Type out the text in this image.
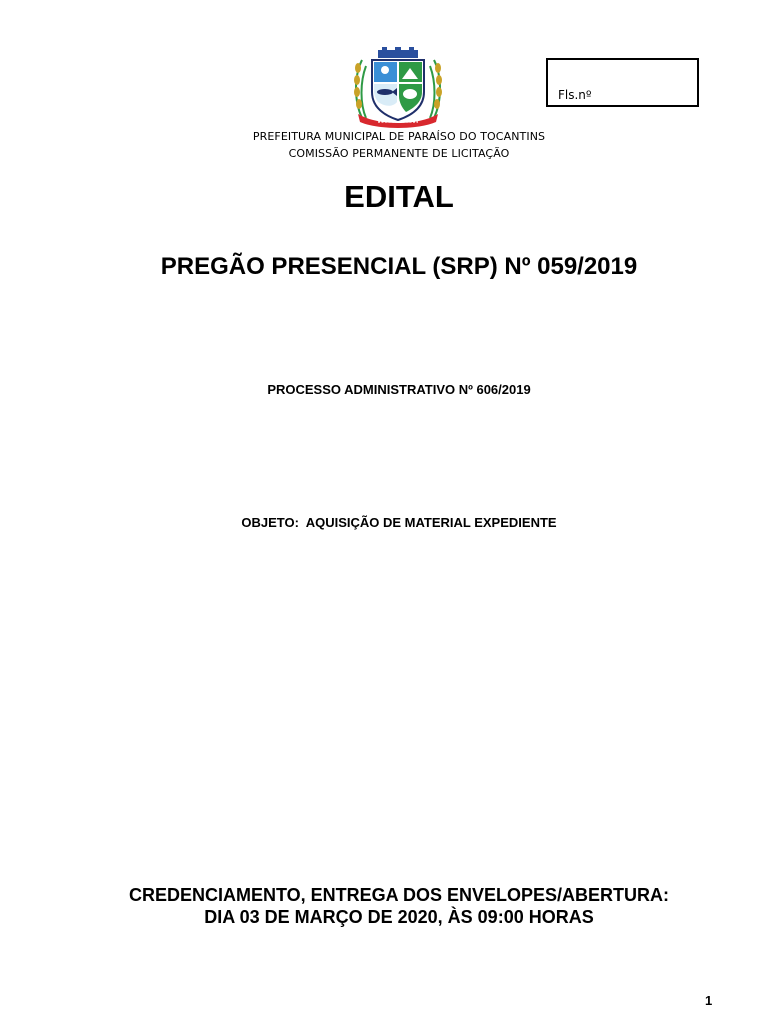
Fls.nº
PREFEITURA MUNICIPAL DE PARAÍSO DO TOCANTINS
COMISSÃO PERMANENTE DE LICITAÇÃO
EDITAL
PREGÃO PRESENCIAL (SRP) Nº 059/2019
PROCESSO ADMINISTRATIVO Nº 606/2019
OBJETO:  AQUISIÇÃO DE MATERIAL EXPEDIENTE
CREDENCIAMENTO, ENTREGA DOS ENVELOPES/ABERTURA:
DIA 03 DE MARÇO DE 2020, ÀS 09:00 HORAS
1
